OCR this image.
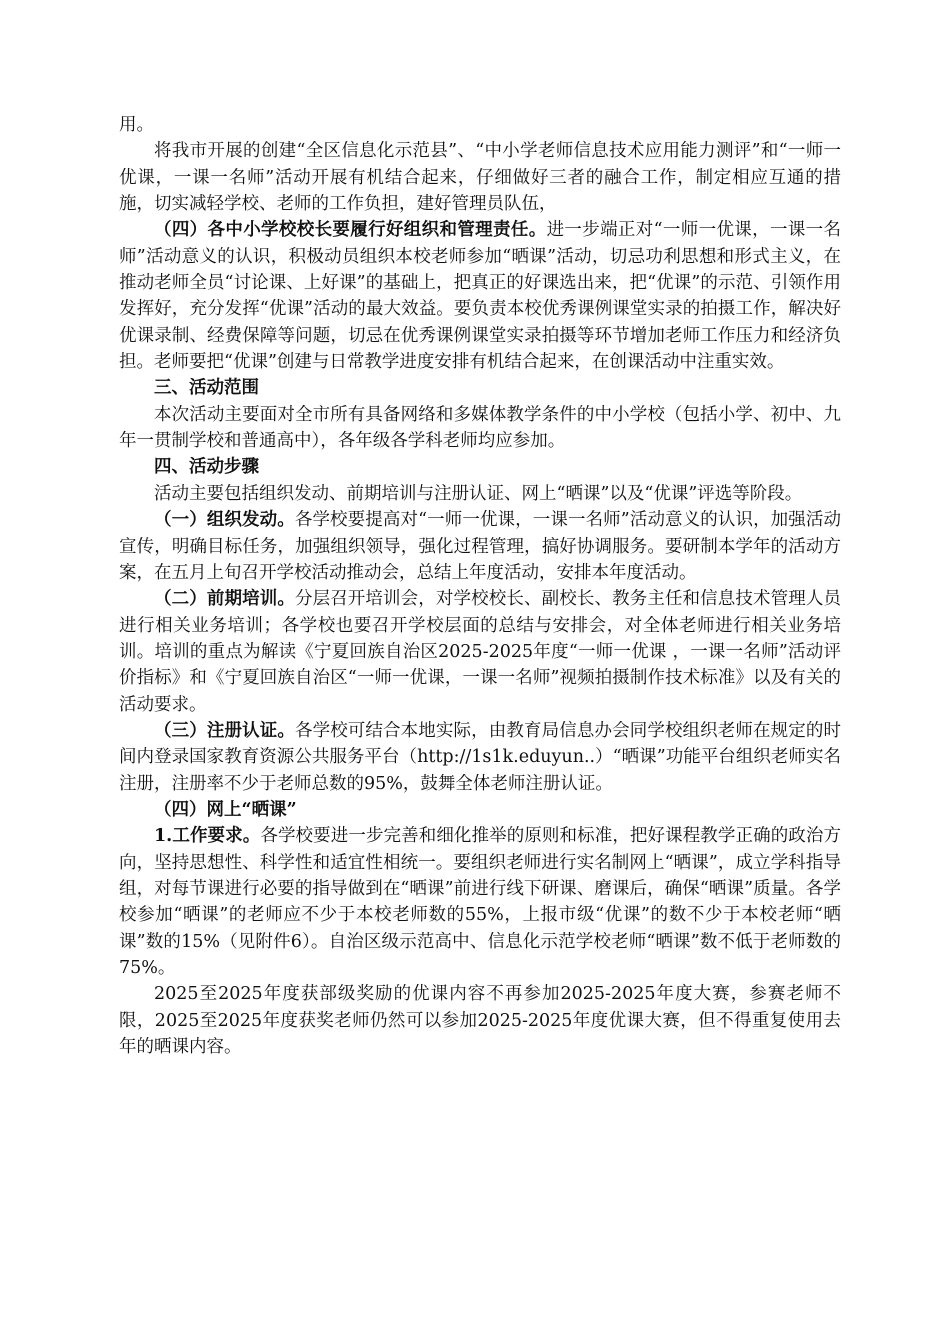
用。

将我市开展的创建“全区信息化示范县”、“中小学老师信息技术应用能力测评”和“一师一优课，一课一名师”活动开展有机结合起来，仔细做好三者的融合工作，制定相应互通的措施，切实减轻学校、老师的工作负担，建好管理员队伍，

（四）各中小学校校长要履行好组织和管理责任。进一步端正对“一师一优课，一课一名师”活动意义的认识，积极动员组织本校老师参加“晒课”活动，切忌功利思想和形式主义，在推动老师全员“讨论课、上好课”的基础上，把真正的好课选出来，把“优课”的示范、引领作用发挥好，充分发挥“优课”活动的最大效益。要负责本校优秀课例课堂实录的拍摄工作，解决好优课录制、经费保障等问题，切忌在优秀课例课堂实录拍摄等环节增加老师工作压力和经济负担。老师要把“优课”创建与日常教学进度安排有机结合起来，在创课活动中注重实效。

三、活动范围

本次活动主要面对全市所有具备网络和多媒体教学条件的中小学校（包括小学、初中、九年一贯制学校和普通高中），各年级各学科老师均应参加。

四、活动步骤

活动主要包括组织发动、前期培训与注册认证、网上“晒课”以及“优课”评选等阶段。

（一）组织发动。各学校要提高对“一师一优课，一课一名师”活动意义的认识，加强活动宣传，明确目标任务，加强组织领导，强化过程管理，搞好协调服务。要研制本学年的活动方案，在五月上旬召开学校活动推动会，总结上年度活动，安排本年度活动。

（二）前期培训。分层召开培训会，对学校校长、副校长、教务主任和信息技术管理人员进行相关业务培训；各学校也要召开学校层面的总结与安排会，对全体老师进行相关业务培训。培训的重点为解读《宁夏回族自治区2025-2025年度“一师一优课 ，一课一名师”活动评价指标》和《宁夏回族自治区“一师一优课，一课一名师”视频拍摄制作技术标准》以及有关的活动要求。

（三）注册认证。各学校可结合本地实际，由教育局信息办会同学校组织老师在规定的时间内登录国家教育资源公共服务平台（http://1s1k.eduyun..）“晒课”功能平台组织老师实名注册，注册率不少于老师总数的95%，鼓舞全体老师注册认证。

（四）网上“晒课”

1.工作要求。各学校要进一步完善和细化推举的原则和标准，把好课程教学正确的政治方向，坚持思想性、科学性和适宜性相统一。要组织老师进行实名制网上“晒课”，成立学科指导组，对每节课进行必要的指导做到在“晒课”前进行线下研课、磨课后，确保“晒课”质量。各学校参加“晒课”的老师应不少于本校老师数的55%，上报市级“优课”的数不少于本校老师“晒课”数的15%（见附件6）。自治区级示范高中、信息化示范学校老师“晒课”数不低于老师数的75%。

2025至2025年度获部级奖励的优课内容不再参加2025-2025年度大赛，参赛老师不限，2025至2025年度获奖老师仍然可以参加2025-2025年度优课大赛，但不得重复使用去年的晒课内容。
